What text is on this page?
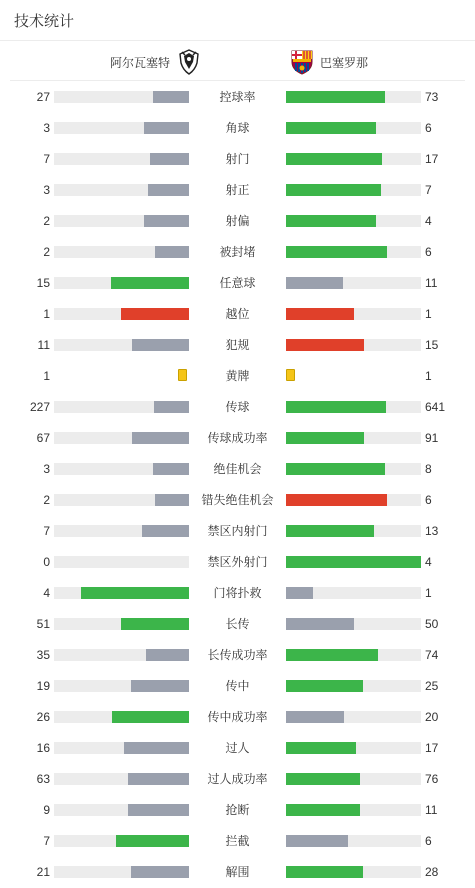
技术统计
阿尔瓦塞特	巴塞罗那
27	控球率	73
3	角球	6
7	射门	17
3	射正	7
2	射偏	4
2	被封堵	6
15	任意球	11
1	越位	1
11	犯规	15
1	黄牌	1
227	传球	641
67	传球成功率	91
3	绝佳机会	8
2	错失绝佳机会	6
7	禁区内射门	13
0	禁区外射门	4
4	门将扑救	1
51	长传	50
35	长传成功率	74
19	传中	25
26	传中成功率	20
16	过人	17
63	过人成功率	76
9	抢断	11
7	拦截	6
21	解围	28
